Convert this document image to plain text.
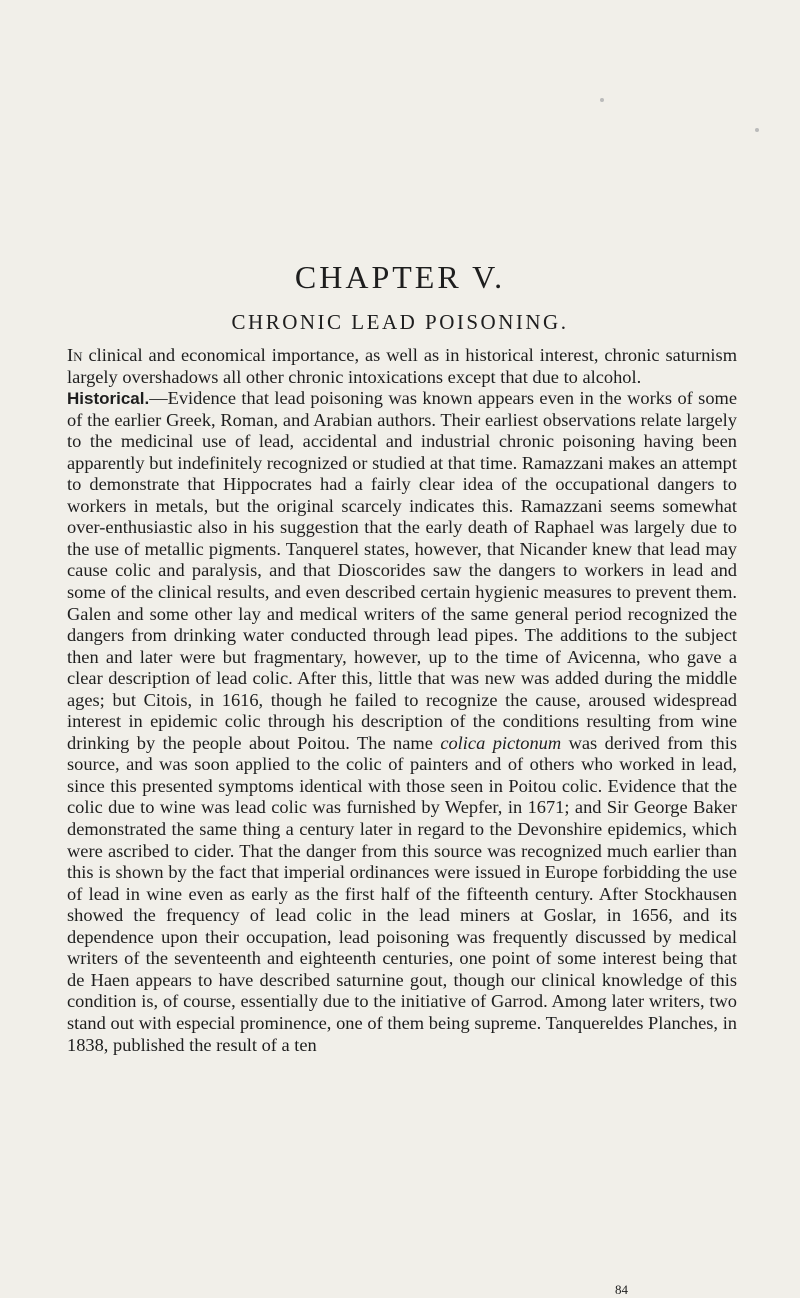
CHAPTER V.
CHRONIC LEAD POISONING.

In clinical and economical importance, as well as in historical interest, chronic saturnism largely overshadows all other chronic intoxications except that due to alcohol.

Historical.—Evidence that lead poisoning was known appears even in the works of some of the earlier Greek, Roman, and Arabian authors. Their earliest observations relate largely to the medicinal use of lead, accidental and industrial chronic poisoning having been apparently but indefinitely recognized or studied at that time. Ramazzani makes an attempt to demonstrate that Hippocrates had a fairly clear idea of the occupational dangers to workers in metals, but the original scarcely indicates this. Ramazzani seems somewhat over-enthusiastic also in his suggestion that the early death of Raphael was largely due to the use of metallic pigments. Tanquerel states, however, that Nicander knew that lead may cause colic and paralysis, and that Dioscorides saw the dangers to workers in lead and some of the clinical results, and even described certain hygienic measures to prevent them. Galen and some other lay and medical writers of the same general period recognized the dangers from drinking water conducted through lead pipes. The additions to the subject then and later were but fragmentary, however, up to the time of Avicenna, who gave a clear description of lead colic. After this, little that was new was added during the middle ages; but Citois, in 1616, though he failed to recognize the cause, aroused widespread interest in epidemic colic through his description of the conditions resulting from wine drinking by the people about Poitou. The name colica pictonum was derived from this source, and was soon applied to the colic of painters and of others who worked in lead, since this presented symptoms identical with those seen in Poitou colic. Evidence that the colic due to wine was lead colic was furnished by Wepfer, in 1671; and Sir George Baker demonstrated the same thing a century later in regard to the Devonshire epidemics, which were ascribed to cider. That the danger from this source was recognized much earlier than this is shown by the fact that imperial ordinances were issued in Europe forbidding the use of lead in wine even as early as the first half of the fifteenth century. After Stockhausen showed the frequency of lead colic in the lead miners at Goslar, in 1656, and its dependence upon their occupation, lead poisoning was frequently discussed by medical writers of the seventeenth and eighteenth centuries, one point of some interest being that de Haen appears to have described saturnine gout, though our clinical knowledge of this condition is, of course, essentially due to the initiative of Garrod. Among later writers, two stand out with especial prominence, one of them being supreme. Tanquereldes Planches, in 1838, published the result of a ten

84
